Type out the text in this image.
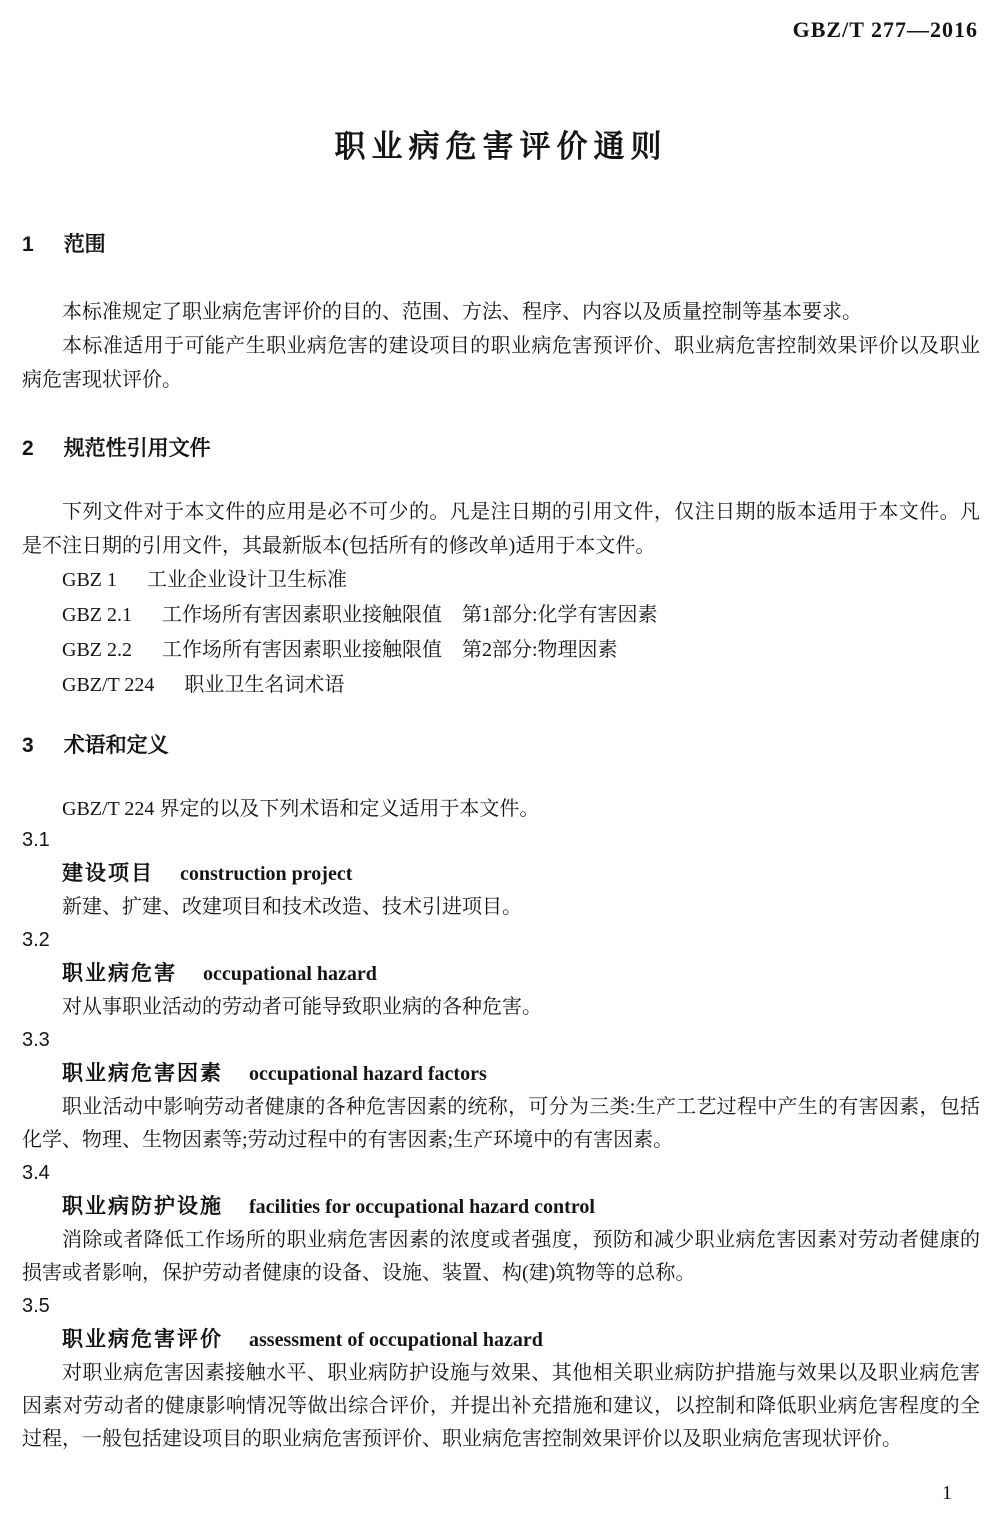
GBZ/T 277—2016
职业病危害评价通则
1 范围

本标准规定了职业病危害评价的目的、范围、方法、程序、内容以及质量控制等基本要求。

本标准适用于可能产生职业病危害的建设项目的职业病危害预评价、职业病危害控制效果评价以及职业病危害现状评价。

2 规范性引用文件

下列文件对于本文件的应用是必不可少的。凡是注日期的引用文件，仅注日期的版本适用于本文件。凡是不注日期的引用文件，其最新版本(包括所有的修改单)适用于本文件。

GBZ 1 工业企业设计卫生标准
GBZ 2.1 工作场所有害因素职业接触限值　第1部分:化学有害因素
GBZ 2.2 工作场所有害因素职业接触限值　第2部分:物理因素
GBZ/T 224 职业卫生名词术语
3 术语和定义

GBZ/T 224 界定的以及下列术语和定义适用于本文件。

3.1
建设项目 construction project

新建、扩建、改建项目和技术改造、技术引进项目。

3.2
职业病危害 occupational hazard

对从事职业活动的劳动者可能导致职业病的各种危害。

3.3
职业病危害因素 occupational hazard factors

职业活动中影响劳动者健康的各种危害因素的统称，可分为三类:生产工艺过程中产生的有害因素，包括化学、物理、生物因素等;劳动过程中的有害因素;生产环境中的有害因素。

3.4
职业病防护设施 facilities for occupational hazard control

消除或者降低工作场所的职业病危害因素的浓度或者强度，预防和减少职业病危害因素对劳动者健康的损害或者影响，保护劳动者健康的设备、设施、装置、构(建)筑物等的总称。

3.5
职业病危害评价 assessment of occupational hazard

对职业病危害因素接触水平、职业病防护设施与效果、其他相关职业病防护措施与效果以及职业病危害因素对劳动者的健康影响情况等做出综合评价，并提出补充措施和建议，以控制和降低职业病危害程度的全过程，一般包括建设项目的职业病危害预评价、职业病危害控制效果评价以及职业病危害现状评价。

1
